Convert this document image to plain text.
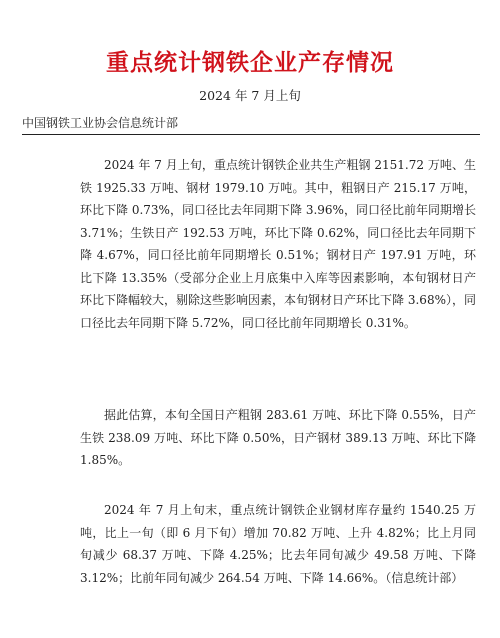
重点统计钢铁企业产存情况
2024 年 7 月上旬
中国钢铁工业协会信息统计部

2024 年 7 月上旬，重点统计钢铁企业共生产粗钢 2151.72 万吨、生铁 1925.33 万吨、钢材 1979.10 万吨。其中，粗钢日产 215.17 万吨，环比下降 0.73%，同口径比去年同期下降 3.96%，同口径比前年同期增长 3.71%；生铁日产 192.53 万吨，环比下降 0.62%，同口径比去年同期下降 4.67%，同口径比前年同期增长 0.51%；钢材日产 197.91 万吨，环比下降 13.35%（受部分企业上月底集中入库等因素影响，本旬钢材日产环比下降幅较大，剔除这些影响因素，本旬钢材日产环比下降 3.68%），同口径比去年同期下降 5.72%，同口径比前年同期增长 0.31%。

据此估算，本旬全国日产粗钢 283.61 万吨、环比下降 0.55%，日产生铁 238.09 万吨、环比下降 0.50%，日产钢材 389.13 万吨、环比下降 1.85%。

2024 年 7 月上旬末，重点统计钢铁企业钢材库存量约 1540.25 万吨，比上一旬（即 6 月下旬）增加 70.82 万吨、上升 4.82%；比上月同旬减少 68.37 万吨、下降 4.25%；比去年同旬减少 49.58 万吨、下降 3.12%；比前年同旬减少 264.54 万吨、下降 14.66%。（信息统计部）
